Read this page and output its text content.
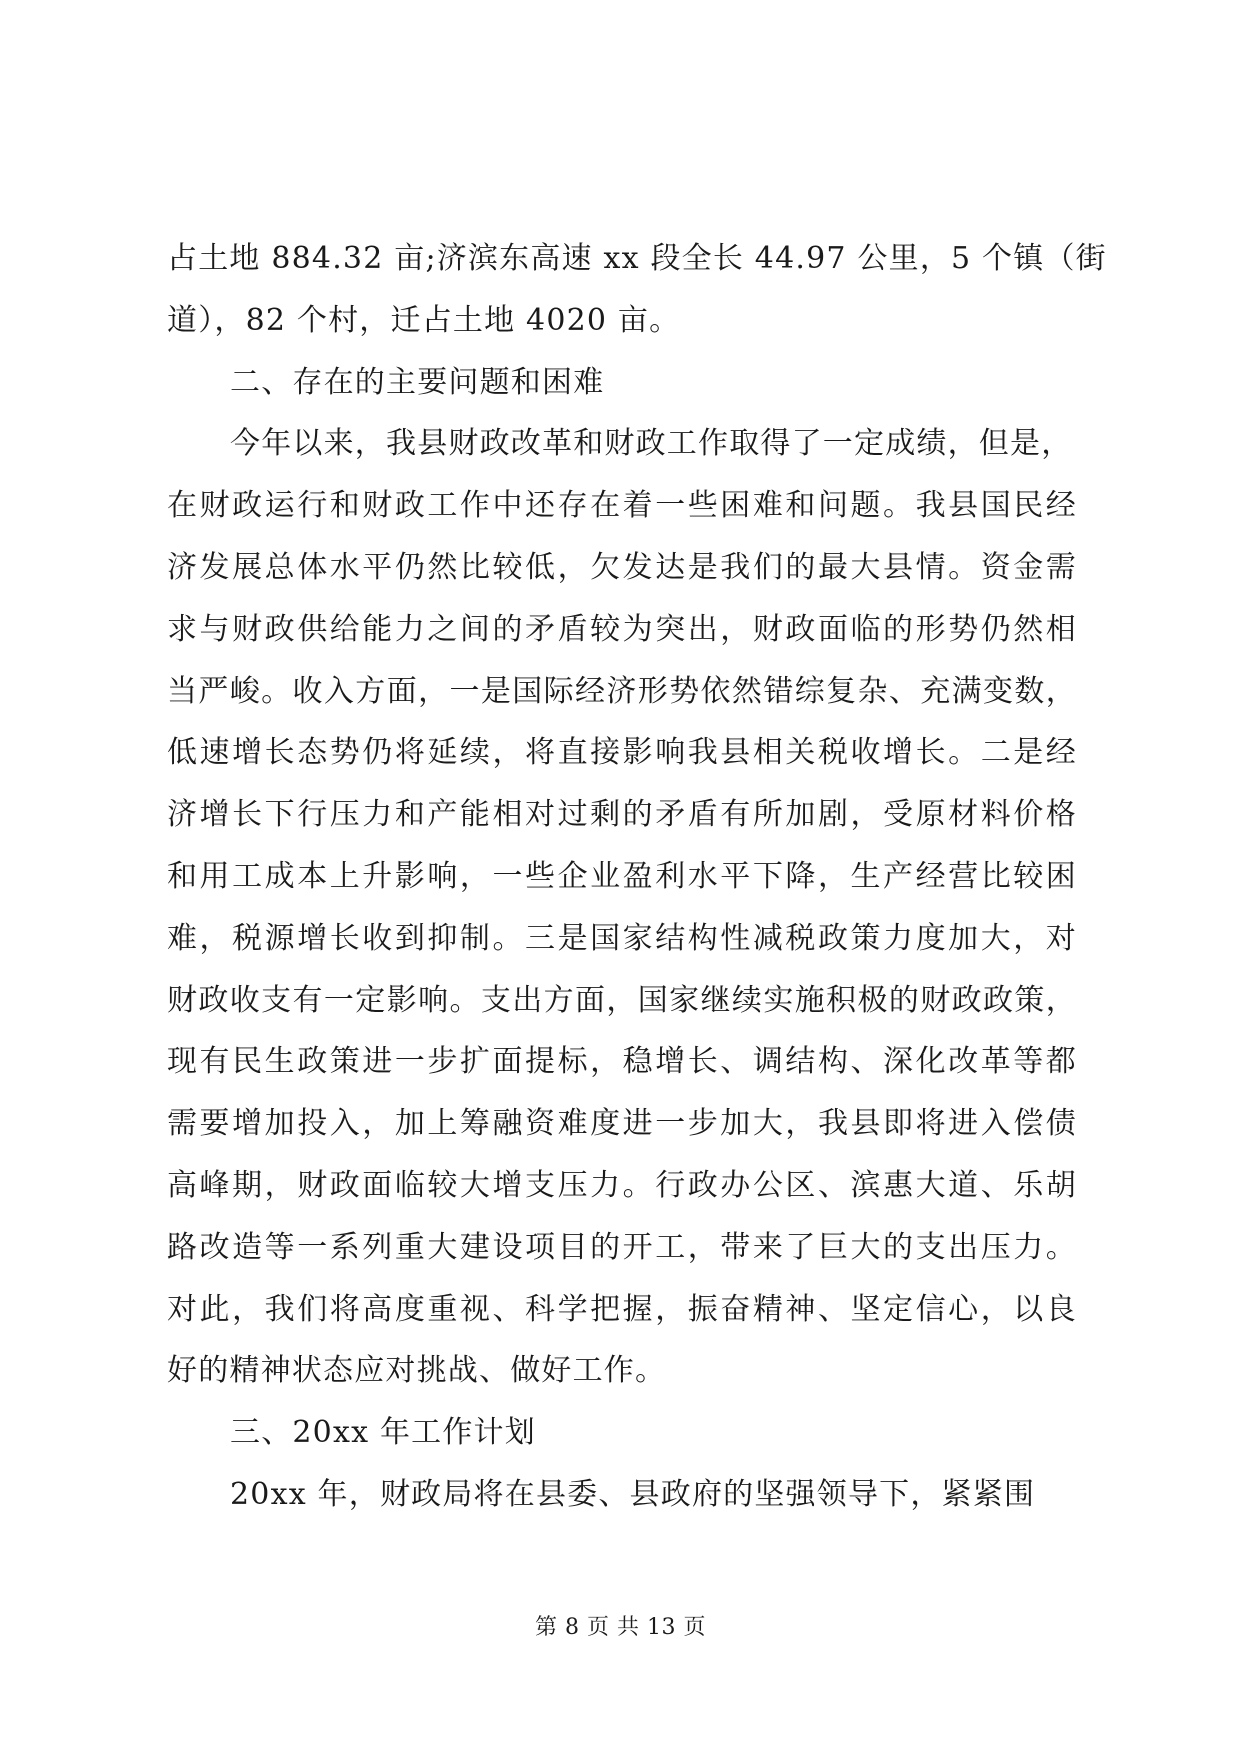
占土地 884.32 亩;济滨东高速 xx 段全长 44.97 公里，5 个镇（街
道），82 个村，迁占土地 4020 亩。
二、存在的主要问题和困难
今年以来，我县财政改革和财政工作取得了一定成绩，但是，
在财政运行和财政工作中还存在着一些困难和问题。我县国民经
济发展总体水平仍然比较低，欠发达是我们的最大县情。资金需
求与财政供给能力之间的矛盾较为突出，财政面临的形势仍然相
当严峻。收入方面，一是国际经济形势依然错综复杂、充满变数，
低速增长态势仍将延续，将直接影响我县相关税收增长。二是经
济增长下行压力和产能相对过剩的矛盾有所加剧，受原材料价格
和用工成本上升影响，一些企业盈利水平下降，生产经营比较困
难，税源增长收到抑制。三是国家结构性减税政策力度加大，对
财政收支有一定影响。支出方面，国家继续实施积极的财政政策，
现有民生政策进一步扩面提标，稳增长、调结构、深化改革等都
需要增加投入，加上筹融资难度进一步加大，我县即将进入偿债
高峰期，财政面临较大增支压力。行政办公区、滨惠大道、乐胡
路改造等一系列重大建设项目的开工，带来了巨大的支出压力。
对此，我们将高度重视、科学把握，振奋精神、坚定信心，以良
好的精神状态应对挑战、做好工作。
三、20xx 年工作计划
20xx 年，财政局将在县委、县政府的坚强领导下，紧紧围
第 8 页 共 13 页
